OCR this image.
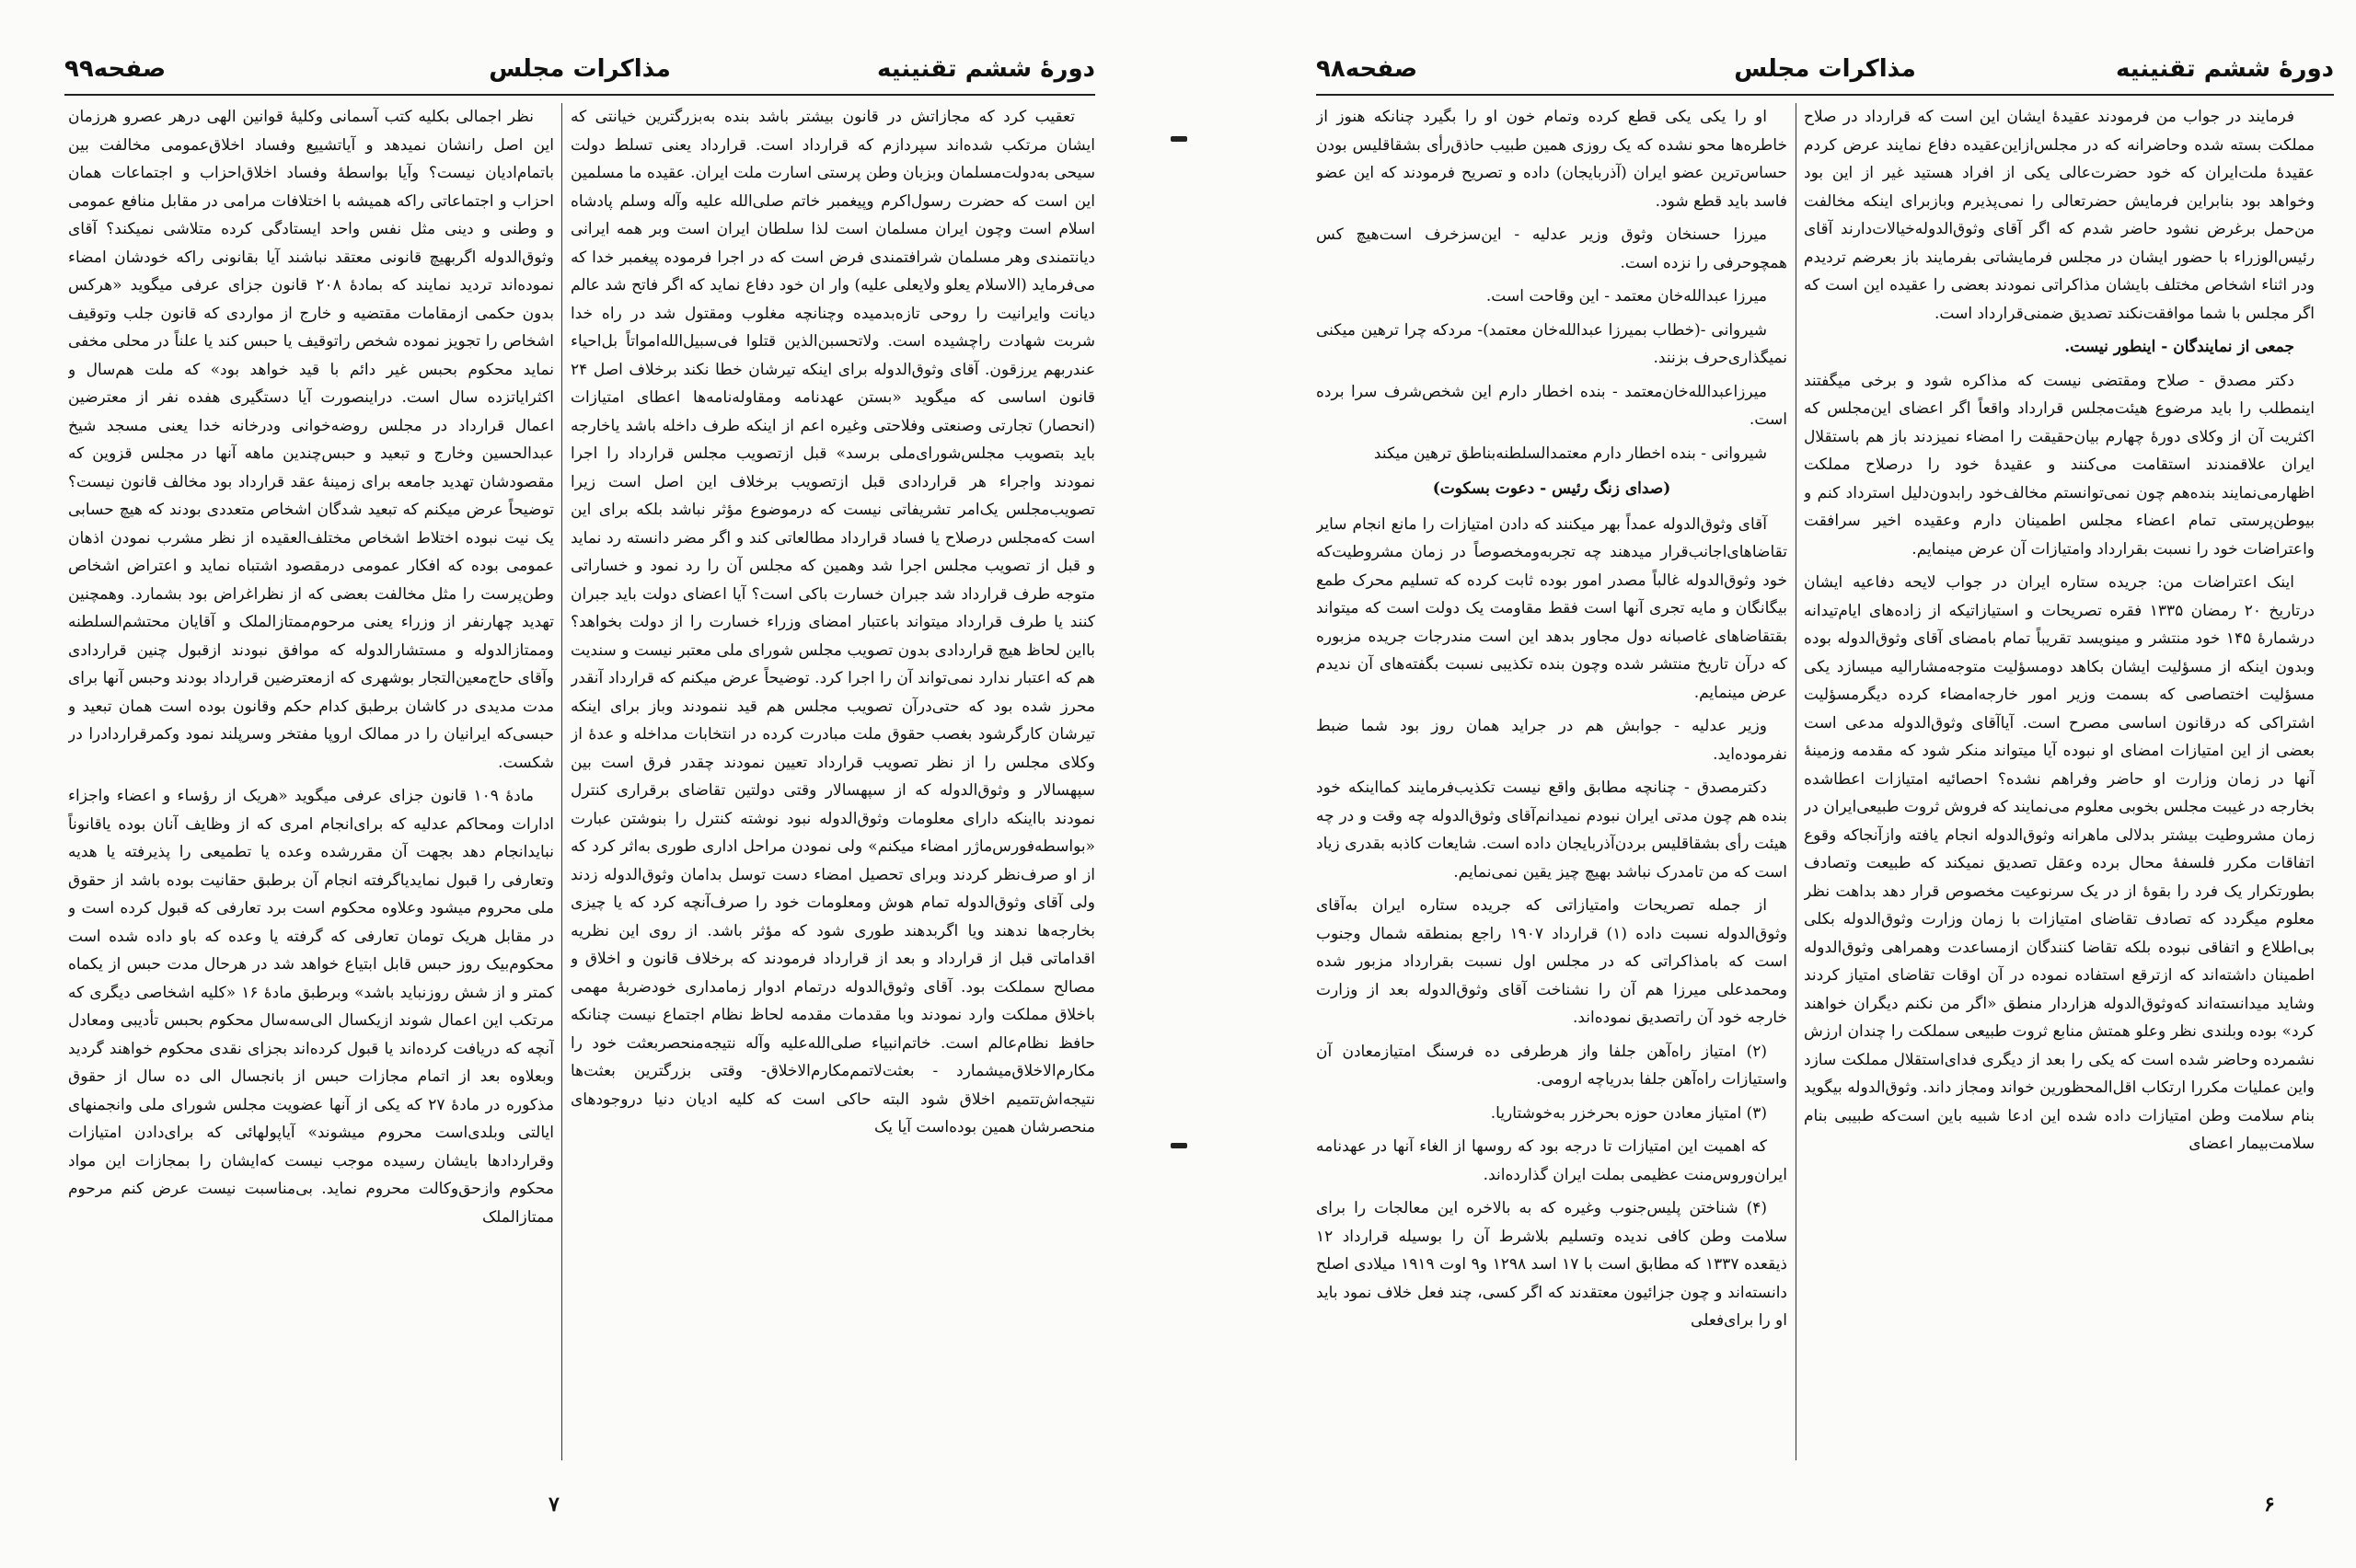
دورهٔ ششم تقنینیه
مذاکرات مجلس
صفحه۹۹

تعقیب کرد که مجازاتش در قانون بیشتر باشد بنده به‌بزرگترین خیانتی که ایشان مرتکب شده‌اند سپردازم که قرارداد است. قرارداد یعنی تسلط دولت سیحی به‌دولت‌مسلمان وبزبان وطن پرستی اسارت ملت ایران. عقیده ما مسلمین این است که حضرت رسول‌اکرم وپیغمبر خاتم صلی‌الله علیه وآله وسلم پادشاه اسلام است وچون ایران مسلمان است لذا سلطان ایران است وبر همه ایرانی دیانتمندی وهر مسلمان شرافتمندی فرض است که در اجرا فرموده پیغمبر خدا که می‌فرماید (الاسلام یعلو ولایعلی علیه) وار ان خود دفاع نماید که اگر فاتح شد عالم دیانت وایرانیت را روحی تازه‌بدمیده وچنانچه مغلوب ومقتول شد در راه خدا شربت شهادت راچشیده است. ولاتحسبن‌الذین قتلوا فی‌سبیل‌الله‌امواتاً بل‌احیاء عندربهم یرزقون. آقای وثوق‌الدوله برای اینکه تیرشان خطا نکند برخلاف اصل ۲۴ قانون اساسی که میگوید «بستن عهدنامه ومقاوله‌نامه‌ها اعطای امتیازات (انحصار) تجارتی وصنعتی وفلاحتی وغیره اعم از اینکه طرف داخله باشد یاخارجه باید بتصویب مجلس‌شورای‌ملی برسد» قبل ازتصویب مجلس قرارداد را اجرا نمودند واجراء هر قراردادی قبل ازتصویب برخلاف این اصل است زیرا تصویب‌مجلس یک‌امر تشریفاتی نیست که درموضوع مؤثر نباشد بلکه برای این است که‌مجلس درصلاح یا فساد قرارداد مطالعاتی کند و اگر مضر دانسته رد نماید و قبل از تصویب مجلس اجرا شد وهمین که مجلس آن را رد نمود و خساراتی‌ متوجه طرف قرارداد شد جبران خسارت باکی است؟ آیا اعضای دولت باید جبران کنند یا طرف قرارداد میتواند باعتبار امضای وزراء خسارت را از دولت بخواهد؟ بااین لحاظ هیچ قراردادی بدون تصویب مجلس شورای ملی معتبر نیست و سندیت هم که اعتبار ندارد نمی‌تواند آن را اجرا کرد. توضیحاً عرض میکنم که قرارداد آنقدر محرز شده بود که حتی‌درآن تصویب مجلس هم قید ننمودند وباز برای اینکه تیرشان کارگرشود بغصب حقوق ملت مبادرت کرده در انتخابات مداخله و عدهٔ از وکلای مجلس را از نظر تصویب قرارداد تعیین نمودند چقدر فرق است بین سپهسالار و وثوق‌الدوله که از سپهسالار وقتی دولتین تقاضای برقراری کنترل نمودند بااینکه دارای معلومات وثوق‌الدوله نبود نوشته کنترل را بنوشتن عبارت «بواسطه‌فورس‌ماژر امضاء میکنم» ولی نمودن مراحل اداری طوری به‌اثر کرد که از او صرف‌نظر کردند وبرای تحصیل امضاء دست توسل بدامان وثوق‌الدوله زدند ولی آقای وثوق‌الدوله تمام هوش ومعلومات خود را صرف‌آنچه کرد که یا چیزی بخارجه‌ها ندهند ویا اگربدهند طوری شود که مؤثر باشد. از روی این نظریه اقداماتی قبل از قرارداد و بعد از قرارداد فرمودند که برخلاف قانون و اخلاق و مصالح سملکت بود. آقای وثوق‌الدوله درتمام ادوار زمامداری خودضربهٔ مهمی باخلاق مملکت وارد نمودند وبا مقدمات مقدمه لحاظ نظام اجتماع نیست چنانکه حافظ نظام‌عالم است. خاتم‌انبیاء صلی‌الله‌علیه وآله نتیجه‌منحصربعثت خود را مکارم‌الاخلاق‌میشمارد - بعثت‌لاتمم‌مکارم‌الاخلاق- وقتی بزرگترین بعثت‌ها نتیجه‌اش‌تتمیم اخلاق شود البته حاکی است که کلیه ادیان دنیا دروجودهای منحصرشان همین بوده‌است آیا یک

نظر اجمالی بکلیه کتب آسمانی وکلیهٔ قوانین الهی درهر عصرو هرزمان این اصل رانشان نمیدهد و آیاتشییع وفساد اخلاق‌عمومی مخالفت بین باتمام‌ادیان نیست؟ وآیا بواسطهٔ وفساد اخلاق‌احزاب و اجتماعات همان احزاب و اجتماعاتی راکه همیشه با اختلافات مرامی در مقابل منافع عمومی و وطنی و دینی مثل نفس واحد ایستادگی کرده متلاشی نمیکند؟ آقای وثوق‌الدوله اگربهیچ قانونی معتقد نباشند آیا بقانونی راکه خودشان امضاء نموده‌اند تردید نمایند که بمادهٔ ۲۰۸ قانون جزای عرفی میگوید «هرکس بدون حکمی ازمقامات مقتضیه و خارج از مواردی که قانون جلب وتوقیف اشخاص را تجویز نموده شخص راتوقیف یا حبس کند یا علناً در محلی مخفی نماید محکوم بحبس غیر دائم با قید خواهد بود» که ملت هم‌سال و اکثرایاتزده سال است. دراینصورت آیا دستگیری هفده نفر از معترضین اعمال قرارداد در مجلس روضه‌خوانی ودرخانه خدا یعنی مسجد شیخ عبدالحسین وخارج و تبعید و حبس‌چندین ماهه آنها در مجلس قزوین که مقصودشان تهدید جامعه برای زمینهٔ عقد قرارداد بود مخالف قانون نیست؟ توضیحاً عرض میکنم که تبعید شدگان اشخاص متعددی بودند که هیچ حسابی یک نیت نبوده اختلاط اشخاص مختلف‌العقیده از نظر مشرب نمودن اذهان عمومی بوده که افکار عمومی درمقصود اشتباه نماید و اعتراض اشخاص وطن‌پرست را مثل مخالفت بعضی که از نظراغراض بود بشمارد. وهمچنین تهدید چهارنفر از وزراء یعنی مرحوم‌ممتازالملک و آقایان محتشم‌السلطنه وممتازالدوله و مستشارالدوله که موافق نبودند ازقبول چنین قراردادی وآقای حاج‌معین‌التجار بوشهری که ازمعترضین قرارداد بودند وحبس آنها برای مدت مدیدی در کاشان برطبق کدام حکم وقانون بوده است همان تبعید و حبسی‌که ایرانیان را در ممالک اروپا مفتخر وسرپلند نمود وکمرقراردادرا در شکست.

مادهٔ ۱۰۹ قانون جزای عرفی میگوید «هریک از رؤساء و اعضاء واجزاء ادارات ومحاکم عدلیه که برای‌انجام امری که از وظایف آنان بوده یاقانوناً نبایدانجام دهد بجهت آن مقررشده وعده یا تطمیعی را پذیرفته یا هدیه وتعارفی را قبول نمایدیاگرفته انجام آن برطبق حقانیت بوده باشد از حقوق ملی محروم میشود وعلاوه محکوم است برد تعارفی که قبول کرده است و در مقابل هریک تومان تعارفی که گرفته یا وعده که باو داده شده است محکوم‌بیک روز حبس قابل ابتیاع خواهد شد در هرحال مدت حبس از یکماه کمتر و از شش روزنباید باشد» وبرطبق مادهٔ ۱۶ «کلیه اشخاصی دیگری که مرتکب این اعمال شوند ازیکسال الی‌سه‌سال محکوم بحبس تأدیبی ومعادل آنچه که دریافت کرده‌اند یا قبول کرده‌اند بجزای نقدی محکوم خواهند گردید وبعلاوه بعد از اتمام مجازات حبس از بانجسال الی ده سال از حقوق مذکوره در مادهٔ ۲۷ که یکی از آنها عضویت مجلس شورای ملی وانجمنهای ایالتی وبلدی‌است محروم میشوند» آیاپولهائی که برای‌دادن امتیازات وقراردادها بایشان رسیده موجب نیست که‌ایشان را بمجازات این مواد محکوم وازحق‌وکالت محروم نماید. بی‌مناسبت نیست عرض کنم مرحوم ممتازالملک

۷
دورهٔ ششم تقنینیه
مذاکرات مجلس
صفحه۹۸

فرمایند در جواب من فرمودند عقیدهٔ ایشان این است که قرارداد در صلاح مملکت بسته شده وحاضرانه که در مجلس‌ازاین‌عقیده دفاع نمایند عرض کردم عقیدهٔ ملت‌ایران که خود حضرت‌عالی یکی از افراد هستید غیر از این بود وخواهد بود بنابراین فرمایش حضرتعالی را نمی‌پذیرم وبازبرای اینکه مخالفت من‌حمل برغرض نشود حاضر شدم که اگر آقای وثوق‌الدوله‌خیالات‌دارند آقای رئیس‌الوزراء با حضور ایشان در مجلس فرمایشاتی بفرمایند باز بعرضم تردیدم ودر اثناء اشخاص مختلف بایشان مذاکراتی نمودند بعضی را عقیده این است که اگر مجلس با شما موافقت‌نکند تصدیق ضمنی‌قرارداد است.

جمعی از نمایندگان - اینطور نیست.

دکتر مصدق - صلاح ومقتضی نیست که مذاکره شود و برخی میگفتند اینمطلب را باید مرضوع هیئت‌مجلس قرارداد واقعاً اگر اعضای این‌مجلس که اکثریت آن از وکلای دورهٔ چهارم بیان‌حقیقت را امضاء نمیزدند باز هم باستقلال ایران علاقمندند استقامت می‌کنند و عقیدهٔ خود را درصلاح مملکت اظهارمی‌نمایند بنده‌هم چون نمی‌توانستم مخالف‌خود رابدون‌دلیل استرداد کنم و بیوطن‌پرستی تمام اعضاء مجلس اطمینان دارم وعقیده اخیر سرافقت واعتراضات خود را نسبت بقرارداد وامتیازات آن عرض مینمایم.

اینک اعتراضات من: جریده ستاره ایران در جواب لایحه دفاعیه ایشان درتاریخ ۲۰ رمضان ۱۳۳۵ فقره تصریحات و استیازاتیکه از زاده‌های ایام‌تیدانه درشمارهٔ ۱۴۵ خود منتشر و مینویسد تقریباً تمام بامضای آقای وثوق‌الدوله بوده وبدون اینکه از مسؤلیت ایشان بکاهد دومسؤلیت متوجه‌مشارالیه میسازد یکی مسؤلیت اختصاصی که بسمت وزیر امور خارجه‌امضاء کرده دیگرمسؤلیت اشتراکی که درقانون اساسی مصرح است. آیاآقای وثوق‌الدوله مدعی است بعضی از این امتیازات امضای او نبوده آیا میتواند منکر شود که مقدمه وزمینهٔ آنها در زمان وزارت او حاضر وفراهم نشده؟ احصائیه امتیازات اعطاشده بخارجه در غیبت مجلس بخوبی معلوم می‌نمایند که فروش ثروت طبیعی‌ایران در زمان مشروطیت بیشتر بدلالی ماهرانه وثوق‌الدوله انجام یافته وازآنجاکه وقوع اتفاقات مکرر فلسفهٔ محال برده وعقل تصدیق نمیکند که طبیعت وتصادف بطورتکرار یک فرد را بقوهٔ از در یک سرنوعیت مخصوص قرار دهد بداهت نظر معلوم میگردد که تصادف تقاضای امتیازات با زمان وزارت وثوق‌الدوله بکلی بی‌اطلاع و اتفاقی نبوده بلکه تقاضا کنندگان ازمساعدت وهمراهی وثوق‌الدوله اطمینان داشته‌اند که ازترقع استفاده نموده در آن اوقات تقاضای امتیاز کردند وشاید میدانسته‌اند که‌وثوق‌الدوله هزاردار منطق «اگر من نکنم دیگران خواهند کرد» بوده وبلندی نظر وعلو همتش منابع ثروت طبیعی سملکت را چندان ارزش نشمرده وحاضر شده است که یکی را بعد از دیگری فدای‌استقلال مملکت سازد واین عملیات مکررا ارتکاب اقل‌المحظورین خواند ومجاز داند. وثوق‌الدوله بیگوید بنام سلامت وطن امتیازات داده شده این ادعا شبیه باین است‌که طبیبی بنام سلامت‌بیمار اعضای

او را یکی یکی قطع کرده وتمام خون او را بگیرد چنانکه هنوز از خاطره‌ها محو نشده که یک روزی همین طبیب حاذق‌رأی بشقاقلیس بودن حساس‌ترین عضو ایران (آذربایجان) داده و تصریح فرمودند که این عضو فاسد باید قطع شود.

میرزا حسنخان وثوق وزیر عدلیه - این‌سزخرف است‌هیچ کس همچوحرفی را نزده است.

میرزا عبدالله‌خان معتمد - این وقاحت است.

شیروانی -(خطاب بمیرزا عبدالله‌خان معتمد)- مردکه چرا ترهین میکنی نمیگذاری‌حرف بزنند.

میرزاعبدالله‌خان‌معتمد - بنده اخطار دارم این شخص‌شرف سرا برده است.

شیروانی - بنده اخطار دارم معتمدالسلطنه‌بناطق ترهین میکند

(صدای زنگ رئیس - دعوت بسکوت)

آقای وثوق‌الدوله عمداً بهر میکنند که دادن امتیازات را مانع انجام سایر تقاضاهای‌اجانب‌قرار میدهند چه تجربه‌ومخصوصاً در زمان مشروطیت‌که خود وثوق‌الدوله غالباً مصدر امور بوده ثابت کرده که تسلیم محرک طمع بیگانگان و مایه تجری آنها است فقط مقاومت یک دولت است که میتواند بقتقاضاهای غاصبانه دول مجاور بدهد این است مندرجات جریده مزبوره که درآن تاریخ منتشر شده وچون بنده تکذیبی نسبت بگفته‌های آن ندیدم عرض مینمایم.

وزیر عدلیه - جوابش هم در جراید همان روز بود شما ضبط نفرموده‌اید.

دکترمصدق - چنانچه مطابق واقع نیست تکذیب‌فرمایند کمااینکه خود بنده هم چون مدتی ایران نبودم نمیدانم‌آقای وثوق‌الدوله چه وقت و در چه هیئت رأی بشقاقلیس بردن‌آذربایجان داده است. شایعات کاذبه بقدری زیاد است که من تامدرک نباشد بهیچ چیز یقین نمی‌نمایم.

از جمله تصریحات وامتیازاتی که جریده ستاره ایران به‌آقای وثوق‌الدوله نسبت داده (۱) قرارداد ۱۹۰۷ راجع بمنطقه شمال وجنوب است که بامذاکراتی که در مجلس اول نسبت بقرارداد مزبور شده ومحمدعلی میرزا هم آن را نشناخت آقای وثوق‌الدوله بعد از وزارت خارجه خود آن را‌تصدیق نموده‌اند.

(۲) امتیاز راه‌آهن جلفا واز هرطرفی ده فرسنگ امتیازمعادن آن واستیازات راه‌آهن جلفا بدریاچه ارومی.

(۳) امتیاز معادن حوزه بحرخزر به‌خوشتاریا.

که اهمیت این امتیازات تا درجه بود که روسها از الغاء آنها در عهدنامه ایران‌وروس‌منت عظیمی بملت ایران گذارده‌اند.

(۴) شناختن پلیس‌جنوب وغیره که به بالاخره این معالجات را برای سلامت وطن کافی ندیده وتسلیم بلاشرط آن را بوسیله قرارداد ۱۲ ذیقعده ۱۳۳۷ که مطابق است با ۱۷ اسد ۱۲۹۸ و۹ اوت ۱۹۱۹ میلادی اصلح دانسته‌اند و چون جزائیون معتقدند که اگر کسی، چند فعل خلاف نمود باید او را برای‌فعلی

۶
